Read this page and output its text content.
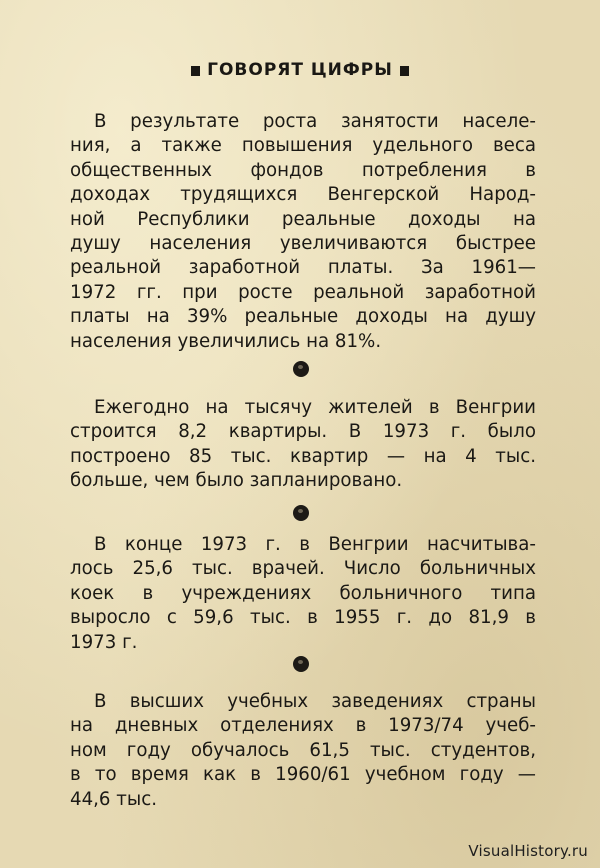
ГОВОРЯТ ЦИФРЫ
В результате роста занятости населе-
ния, а также повышения удельного веса
общественных фондов потребления в
доходах трудящихся Венгерской Народ-
ной Республики реальные доходы на
душу населения увеличиваются быстрее
реальной заработной платы. За 1961—
1972 гг. при росте реальной заработной
платы на 39% реальные доходы на душу
населения увеличились на 81%.
Ежегодно на тысячу жителей в Венгрии
строится 8,2 квартиры. В 1973 г. было
построено 85 тыс. квартир — на 4 тыс.
больше, чем было запланировано.
В конце 1973 г. в Венгрии насчитыва-
лось 25,6 тыс. врачей. Число больничных
коек в учреждениях больничного типа
выросло с 59,6 тыс. в 1955 г. до 81,9 в
1973 г.
В высших учебных заведениях страны
на дневных отделениях в 1973/74 учеб-
ном году обучалось 61,5 тыс. студентов,
в то время как в 1960/61 учебном году —
44,6 тыс.
VisualHistory.ru
